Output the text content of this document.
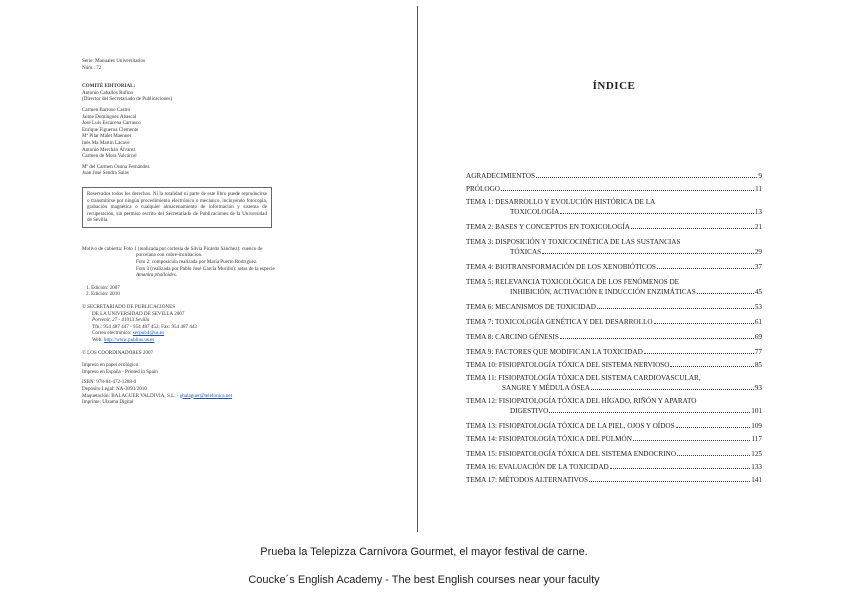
Serie: Manuales Universitarios
Núm.: 72
COMITÉ EDITORIAL:
Antonio Caballos Rufino
(Director del Secretariado de Publicaciones)
Carmen Barroso Castro
Jaime Domínguez Abascal
José Luis Escacena Carrasco
Enrique Figueroa Clemente
Mª Pilar Malet Maenner
Inés Ma Martín Lacave
Antonio Merchán Álvarez
Carmen de Mora Valcárcel
Mª del Carmen Osuna Fernández
Juan José Sendra Salas
Reservados todos los derechos. Ni la totalidad ni parte de este libro puede reproducirse o transmitirse por ningún procedimiento electrónico o mecánico, incluyendo fotocopia, grabación magnética o cualquier almacenamiento de información y sistema de recuperación, sin permiso escrito del Secretariado de Publicaciones de la Universidad de Sevilla.
Motivo de cubierta: Foto 1 (realizada por cortesía de Silvia Picardo Sánchez): cuenco de
porcelana con cubre-incubacion.
Foto 2: composición realizada por María Puerto Rodríguez.
Foto 3 (realizada por Pablo José García Murillo): setas de la especie
Amanita phalloides.
1. Edición: 2007
2. Edición: 2010
© SECRETARIADO DE PUBLICACIONES
DE LA UNIVERSIDAD DE SEVILLA 2007
Porvenir, 27 - 41013 Sevilla
Tfn.: 954 487 447 - 954 487 452; Fax: 954 487 443
Correo electrónico: secpub4@us.es
Web: http://www.publius.us.es
© LOS COORDINADORES 2007
Impreso en papel ecológico
Impreso en España - Printed in Spain
ISBN: 978-84-472-1288-0
Depósito Legal: NA-3093/2010
Maquetación: BALAGUER VALDIVIA, S.L. - gbalaguer@telefonica.net
Imprime: Ulzama Digital
ÍNDICE
AGRADECIMIENTOS	9
PRÓLOGO	11
TEMA 1: DESARROLLO Y EVOLUCIÓN HISTÓRICA DE LA
TOXICOLOGÍA	13
TEMA 2: BASES Y CONCEPTOS EN TOXICOLOGÍA	21
TEMA 3: DISPOSICIÓN Y TOXICOCINÉTICA DE LAS SUSTANCIAS
TÓXICAS	29
TEMA 4: BIOTRANSFORMACIÓN DE LOS XENOBIÓTICOS	37
TEMA 5: RELEVANCIA TOXICOLÓGICA DE LOS FENÓMENOS DE
INHIBICIÓN, ACTIVACIÓN E INDUCCIÓN ENZIMÁTICAS	45
TEMA 6: MECANISMOS DE TOXICIDAD	53
TEMA 7: TOXICOLOGÍA GENÉTICA Y DEL DESARROLLO	61
TEMA 8: CARCINO GÉNESIS	69
TEMA 9: FACTORES QUE MODIFICAN LA TOXICIDAD	77
TEMA 10: FISIOPATOLOGÍA TÓXICA DEL SISTEMA NERVIOSO	85
TEMA 11: FISIOPATOLOGÍA TÓXICA DEL SISTEMA CARDIOVASCULAR,
SANGRE Y MÉDULA ÓSEA	93
TEMA 12: FISIOPATOLOGÍA TÓXICA DEL HÍGADO, RIÑÓN Y APARATO
DIGESTIVO	101
TEMA 13: FISIOPATOLOGÍA TÓXICA DE LA PIEL, OJOS Y OÍDOS	109
TEMA 14: FISIOPATOLOGÍA TÓXICA DEL PULMÓN	117
TEMA 15: FISIOPATOLOGÍA TÓXICA DEL SISTEMA ENDOCRINO	125
TEMA 16: EVALUACIÓN DE LA TOXICIDAD	133
TEMA 17: MÉTODOS ALTERNATIVOS	141
Prueba la Telepizza Carnívora Gourmet, el mayor festival de carne.
Coucke´s English Academy - The best English courses near your faculty
